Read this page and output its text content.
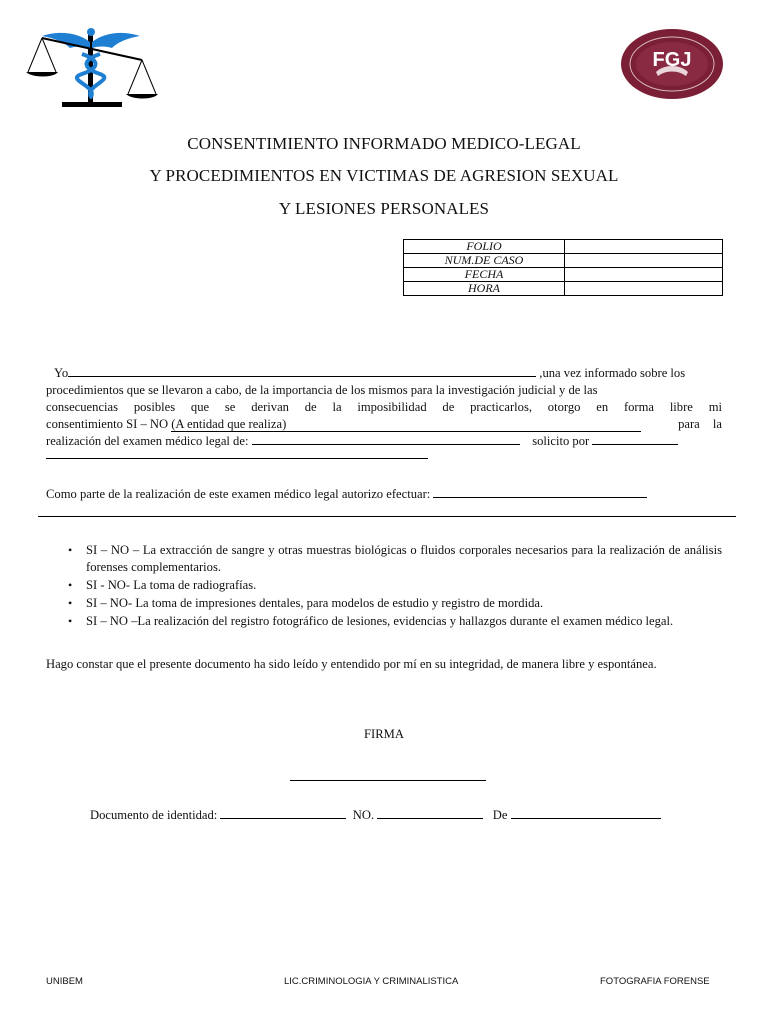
FGJ
CONSENTIMIENTO INFORMADO MEDICO-LEGAL
Y PROCEDIMIENTOS EN VICTIMAS DE AGRESION SEXUAL
Y LESIONES PERSONALES
FOLIO	
NUM.DE CASO	
FECHA	
HORA	
Yo	,una vez informado sobre los
procedimientos que se llevaron a cabo, de la importancia de los mismos para la investigación judicial y de las
consecuencias posibles que se derivan de la imposibilidad de practicarlos, otorgo en forma libre mi
consentimiento SI – NO (A entidad que realiza)	para la
realización del examen médico legal de:	solicito por
Como parte de la realización de este examen médico legal autorizo efectuar:
• SI – NO – La extracción de sangre y otras muestras biológicas o fluidos corporales necesarios para la realización de análisis forenses complementarios.
• SI - NO- La toma de radiografías.
• SI – NO- La toma de impresiones dentales, para modelos de estudio y registro de mordida.
• SI – NO –La realización del registro fotográfico de lesiones, evidencias y hallazgos durante el examen médico legal.
Hago constar que el presente documento ha sido leído y entendido por mí en su integridad, de manera libre y espontánea.
FIRMA
Documento de identidad:	NO.	De
UNIBEM	LIC.CRIMINOLOGIA Y CRIMINALISTICA	FOTOGRAFIA FORENSE
